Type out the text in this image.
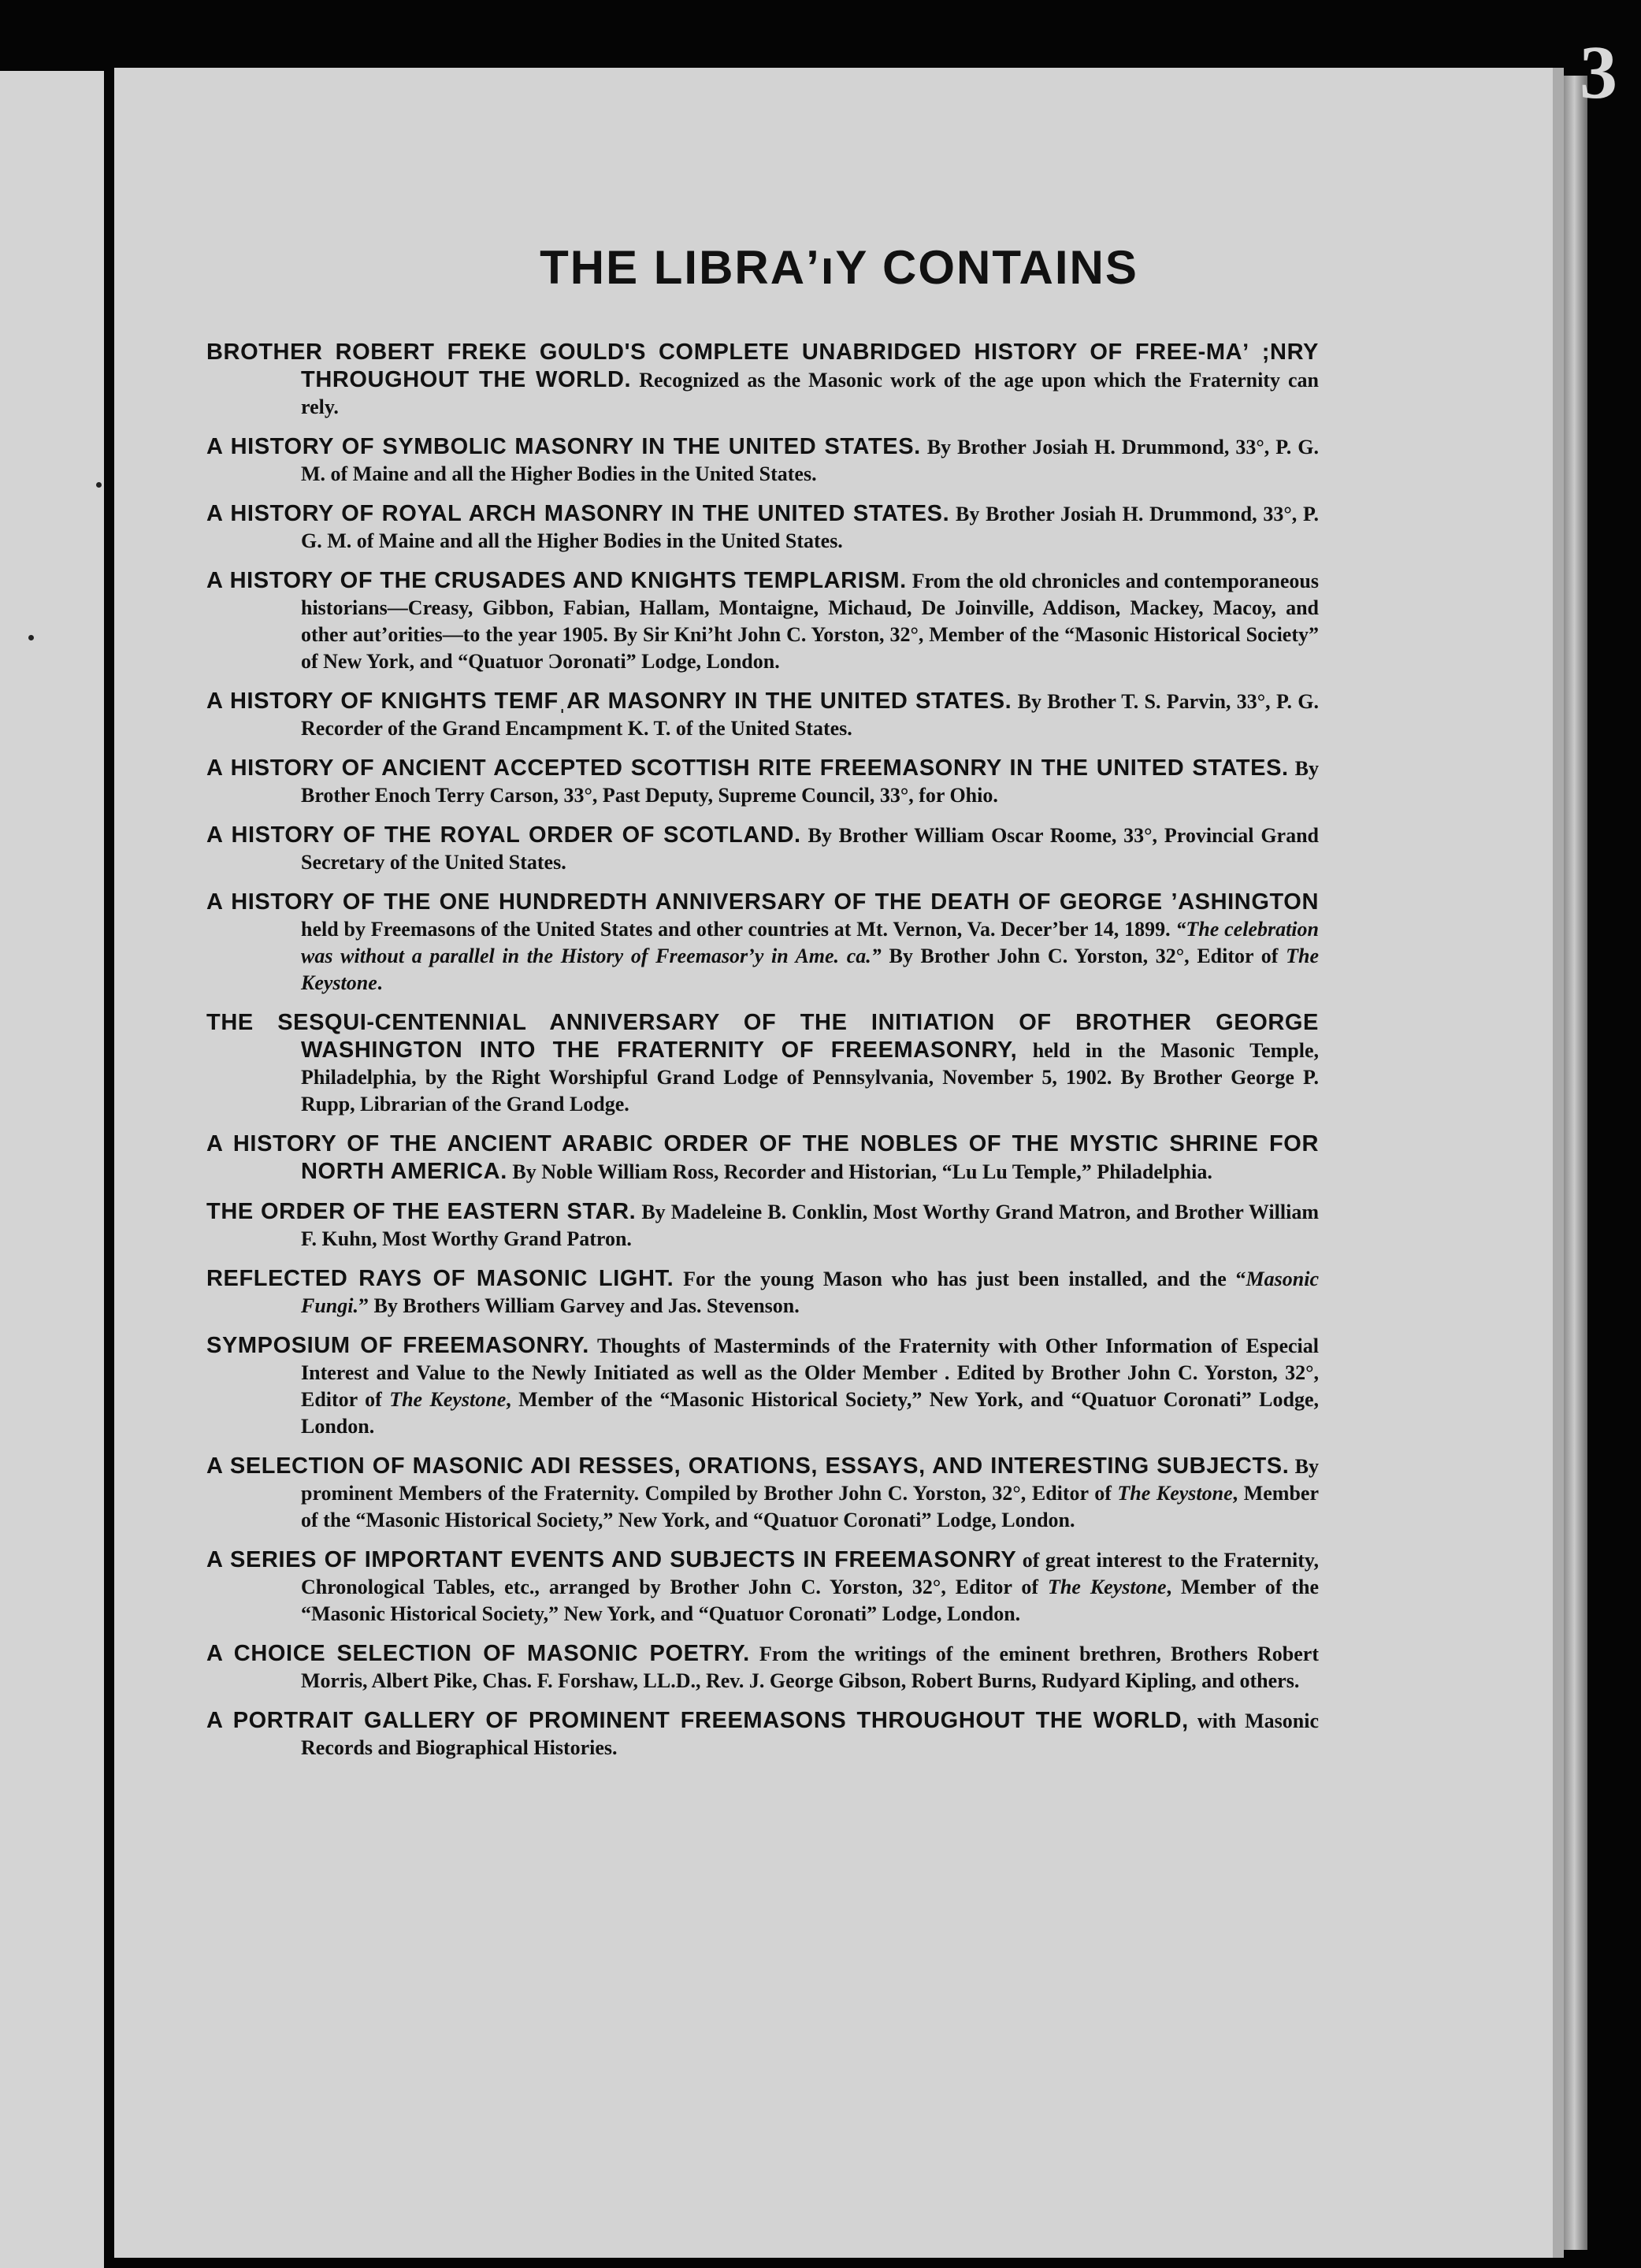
3
THE LIBRAʼıY CONTAINS
BROTHER ROBERT FREKE GOULD'S COMPLETE UNABRIDGED HISTORY OF FREE-MAʼ ;NRY THROUGHOUT THE WORLD. Recognized as the Masonic work of the age upon which the Fraternity can rely.
A HISTORY OF SYMBOLIC MASONRY IN THE UNITED STATES. By Brother Josiah H. Drummond, 33°, P. G. M. of Maine and all the Higher Bodies in the United States.
A HISTORY OF ROYAL ARCH MASONRY IN THE UNITED STATES. By Brother Josiah H. Drummond, 33°, P. G. M. of Maine and all the Higher Bodies in the United States.
A HISTORY OF THE CRUSADES AND KNIGHTS TEMPLARISM. From the old chronicles and contemporaneous historians—Creasy, Gibbon, Fabian, Hallam, Montaigne, Michaud, De Joinville, Addison, Mackey, Macoy, and other autʼorities—to the year 1905. By Sir Kniʼht John C. Yorston, 32°, Member of the “Masonic Historical Society” of New York, and “Quatuor Ɔoronati” Lodge, London.
A HISTORY OF KNIGHTS TEMFˌAR MASONRY IN THE UNITED STATES. By Brother T. S. Parvin, 33°, P. G. Recorder of the Grand Encampment K. T. of the United States.
A HISTORY OF ANCIENT ACCEPTED SCOTTISH RITE FREEMASONRY IN THE UNITED STATES. By Brother Enoch Terry Carson, 33°, Past Deputy, Supreme Council, 33°, for Ohio.
A HISTORY OF THE ROYAL ORDER OF SCOTLAND. By Brother William Oscar Roome, 33°, Provincial Grand Secretary of the United States.
A HISTORY OF THE ONE HUNDREDTH ANNIVERSARY OF THE DEATH OF GEORGE ’ASHINGTON held by Freemasons of the United States and other countries at Mt. Vernon, Va. Decerʼber 14, 1899. “The celebration was without a parallel in the History of Freemasorʼy in Ame. ca.” By Brother John C. Yorston, 32°, Editor of The Keystone.
THE SESQUI-CENTENNIAL ANNIVERSARY OF THE INITIATION OF BROTHER GEORGE WASHINGTON INTO THE FRATERNITY OF FREEMASONRY, held in the Masonic Temple, Philadelphia, by the Right Worshipful Grand Lodge of Pennsylvania, November 5, 1902. By Brother George P. Rupp, Librarian of the Grand Lodge.
A HISTORY OF THE ANCIENT ARABIC ORDER OF THE NOBLES OF THE MYSTIC SHRINE FOR NORTH AMERICA. By Noble William Ross, Recorder and Historian, “Lu Lu Temple,” Philadelphia.
THE ORDER OF THE EASTERN STAR. By Madeleine B. Conklin, Most Worthy Grand Matron, and Brother William F. Kuhn, Most Worthy Grand Patron.
REFLECTED RAYS OF MASONIC LIGHT. For the young Mason who has just been installed, and the “Masonic Fungi.” By Brothers William Garvey and Jas. Stevenson.
SYMPOSIUM OF FREEMASONRY. Thoughts of Masterminds of the Fraternity with Other Information of Especial Interest and Value to the Newly Initiated as well as the Older Member . Edited by Brother John C. Yorston, 32°, Editor of The Keystone, Member of the “Masonic Historical Society,” New York, and “Quatuor Coronati” Lodge, London.
A SELECTION OF MASONIC ADI RESSES, ORATIONS, ESSAYS, AND INTERESTING SUBJECTS. By prominent Members of the Fraternity. Compiled by Brother John C. Yorston, 32°, Editor of The Keystone, Member of the “Masonic Historical Society,” New York, and “Quatuor Coronati” Lodge, London.
A SERIES OF IMPORTANT EVENTS AND SUBJECTS IN FREEMASONRY of great interest to the Fraternity, Chronological Tables, etc., arranged by Brother John C. Yorston, 32°, Editor of The Keystone, Member of the “Masonic Historical Society,” New York, and “Quatuor Coronati” Lodge, London.
A CHOICE SELECTION OF MASONIC POETRY. From the writings of the eminent brethren, Brothers Robert Morris, Albert Pike, Chas. F. Forshaw, LL.D., Rev. J. George Gibson, Robert Burns, Rudyard Kipling, and others.
A PORTRAIT GALLERY OF PROMINENT FREEMASONS THROUGHOUT THE WORLD, with Masonic Records and Biographical Histories.
